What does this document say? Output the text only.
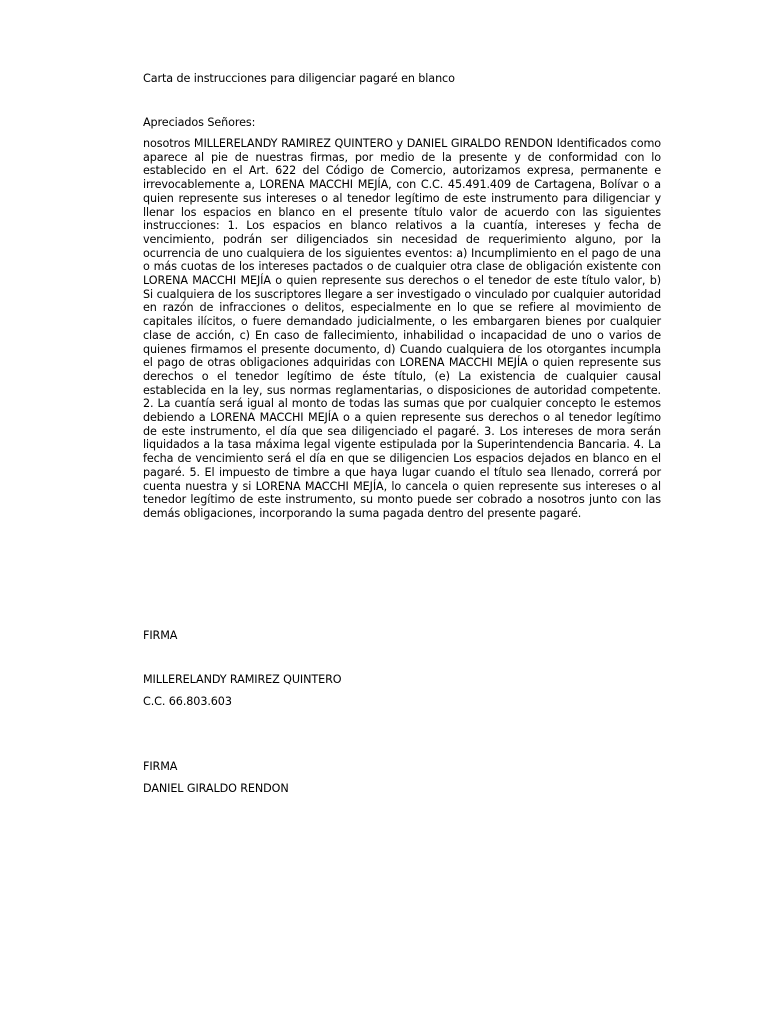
Carta de instrucciones para diligenciar pagaré en blanco
Apreciados Señores:
nosotros MILLERELANDY RAMIREZ QUINTERO y DANIEL GIRALDO RENDON Identificados como aparece al pie de nuestras firmas, por medio de la presente y de conformidad con lo establecido en el Art. 622 del Código de Comercio, autorizamos expresa, permanente e irrevocablemente a, LORENA MACCHI MEJÍA, con C.C. 45.491.409 de Cartagena, Bolívar o a quien represente sus intereses o al tenedor legítimo de este instrumento para diligenciar y llenar los espacios en blanco en el presente título valor de acuerdo con las siguientes instrucciones: 1. Los espacios en blanco relativos a la cuantía, intereses y fecha de vencimiento, podrán ser diligenciados sin necesidad de requerimiento alguno, por la ocurrencia de uno cualquiera de los siguientes eventos: a) Incumplimiento en el pago de una o más cuotas de los intereses pactados o de cualquier otra clase de obligación existente con LORENA MACCHI MEJÍA o quien represente sus derechos o el tenedor de este título valor, b) Si cualquiera de los suscriptores llegare a ser investigado o vinculado por cualquier autoridad en razón de infracciones o delitos, especialmente en lo que se refiere al movimiento de capitales ilícitos, o fuere demandado judicialmente, o les embargaren bienes por cualquier clase de acción, c) En caso de fallecimiento, inhabilidad o incapacidad de uno o varios de quienes firmamos el presente documento, d) Cuando cualquiera de los otorgantes incumpla el pago de otras obligaciones adquiridas con LORENA MACCHI MEJÍA o quien represente sus derechos o el tenedor legítimo de éste título, (e) La existencia de cualquier causal establecida en la ley, sus normas reglamentarias, o disposiciones de autoridad competente. 2. La cuantía será igual al monto de todas las sumas que por cualquier concepto le estemos debiendo a LORENA MACCHI MEJÍA o a quien represente sus derechos o al tenedor legítimo de este instrumento, el día que sea diligenciado el pagaré. 3. Los intereses de mora serán liquidados a la tasa máxima legal vigente estipulada por la Superintendencia Bancaria. 4. La fecha de vencimiento será el día en que se diligencien Los espacios dejados en blanco en el pagaré. 5. El impuesto de timbre a que haya lugar cuando el título sea llenado, correrá por cuenta nuestra y si LORENA MACCHI MEJÍA, lo cancela o quien represente sus intereses o al tenedor legítimo de este instrumento, su monto puede ser cobrado a nosotros junto con las demás obligaciones, incorporando la suma pagada dentro del presente pagaré.
FIRMA
MILLERELANDY RAMIREZ QUINTERO
C.C. 66.803.603
FIRMA
DANIEL GIRALDO RENDON
